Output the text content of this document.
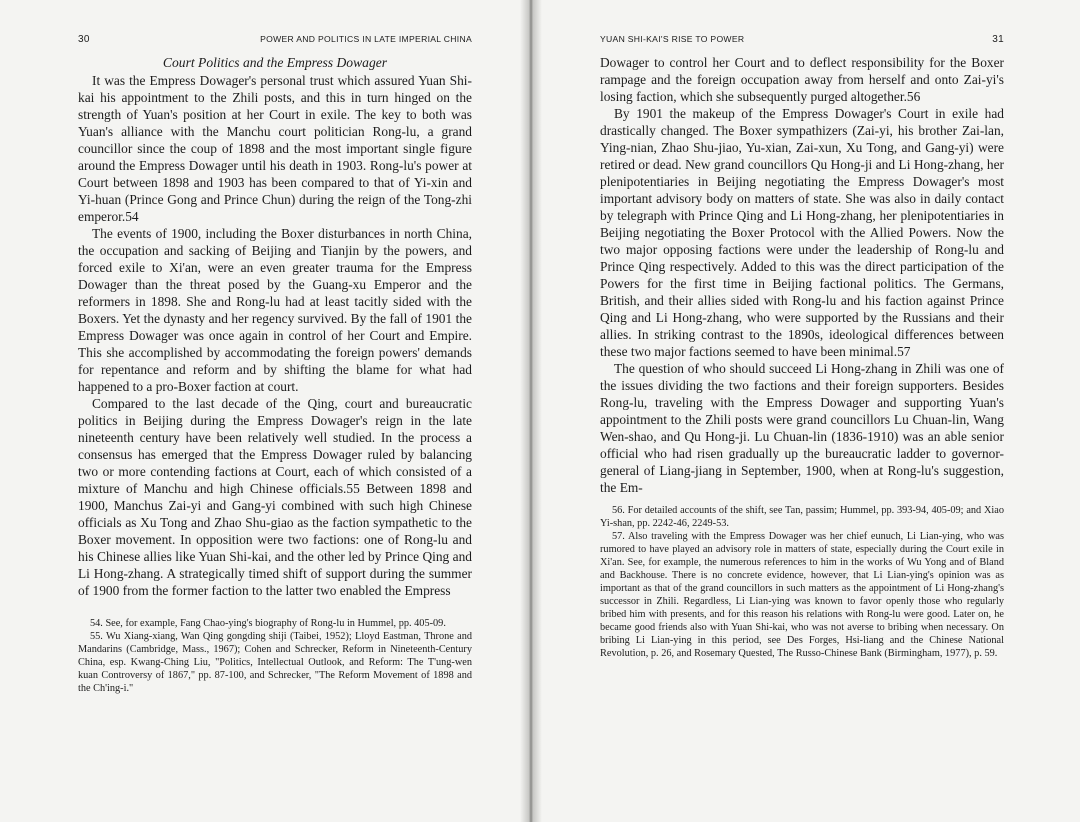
30	POWER AND POLITICS IN LATE IMPERIAL CHINA
Court Politics and the Empress Dowager

It was the Empress Dowager's personal trust which assured Yuan Shi-kai his appointment to the Zhili posts, and this in turn hinged on the strength of Yuan's position at her Court in exile. The key to both was Yuan's alliance with the Manchu court politician Rong-lu, a grand councillor since the coup of 1898 and the most important single figure around the Empress Dowager until his death in 1903. Rong-lu's power at Court between 1898 and 1903 has been compared to that of Yi-xin and Yi-huan (Prince Gong and Prince Chun) during the reign of the Tong-zhi emperor.54

The events of 1900, including the Boxer disturbances in north China, the occupation and sacking of Beijing and Tianjin by the powers, and forced exile to Xi'an, were an even greater trauma for the Empress Dowager than the threat posed by the Guang-xu Emperor and the reformers in 1898. She and Rong-lu had at least tacitly sided with the Boxers. Yet the dynasty and her regency survived. By the fall of 1901 the Empress Dowager was once again in control of her Court and Empire. This she accomplished by accommodating the foreign powers' demands for repentance and reform and by shifting the blame for what had happened to a pro-Boxer faction at court.

Compared to the last decade of the Qing, court and bureaucratic politics in Beijing during the Empress Dowager's reign in the late nineteenth century have been relatively well studied. In the process a consensus has emerged that the Empress Dowager ruled by balancing two or more contending factions at Court, each of which consisted of a mixture of Manchu and high Chinese officials.55 Between 1898 and 1900, Manchus Zai-yi and Gang-yi combined with such high Chinese officials as Xu Tong and Zhao Shu-giao as the faction sympathetic to the Boxer movement. In opposition were two factions: one of Rong-lu and his Chinese allies like Yuan Shi-kai, and the other led by Prince Qing and Li Hong-zhang. A strategically timed shift of support during the summer of 1900 from the former faction to the latter two enabled the Empress

54. See, for example, Fang Chao-ying's biography of Rong-lu in Hummel, pp. 405-09.

55. Wu Xiang-xiang, Wan Qing gongding shiji (Taibei, 1952); Lloyd Eastman, Throne and Mandarins (Cambridge, Mass., 1967); Cohen and Schrecker, Reform in Nineteenth-Century China, esp. Kwang-Ching Liu, "Politics, Intellectual Outlook, and Reform: The T'ung-wen kuan Controversy of 1867," pp. 87-100, and Schrecker, "The Reform Movement of 1898 and the Ch'ing-i."

YUAN SHI-KAI'S RISE TO POWER	31

Dowager to control her Court and to deflect responsibility for the Boxer rampage and the foreign occupation away from herself and onto Zai-yi's losing faction, which she subsequently purged altogether.56

By 1901 the makeup of the Empress Dowager's Court in exile had drastically changed. The Boxer sympathizers (Zai-yi, his brother Zai-lan, Ying-nian, Zhao Shu-jiao, Yu-xian, Zai-xun, Xu Tong, and Gang-yi) were retired or dead. New grand councillors Qu Hong-ji and Li Hong-zhang, her plenipotentiaries in Beijing negotiating the Empress Dowager's most important advisory body on matters of state. She was also in daily contact by telegraph with Prince Qing and Li Hong-zhang, her plenipotentiaries in Beijing negotiating the Boxer Protocol with the Allied Powers. Now the two major opposing factions were under the leadership of Rong-lu and Prince Qing respectively. Added to this was the direct participation of the Powers for the first time in Beijing factional politics. The Germans, British, and their allies sided with Rong-lu and his faction against Prince Qing and Li Hong-zhang, who were supported by the Russians and their allies. In striking contrast to the 1890s, ideological differences between these two major factions seemed to have been minimal.57

The question of who should succeed Li Hong-zhang in Zhili was one of the issues dividing the two factions and their foreign supporters. Besides Rong-lu, traveling with the Empress Dowager and supporting Yuan's appointment to the Zhili posts were grand councillors Lu Chuan-lin, Wang Wen-shao, and Qu Hong-ji. Lu Chuan-lin (1836-1910) was an able senior official who had risen gradually up the bureaucratic ladder to governor-general of Liang-jiang in September, 1900, when at Rong-lu's suggestion, the Em-

56. For detailed accounts of the shift, see Tan, passim; Hummel, pp. 393-94, 405-09; and Xiao Yi-shan, pp. 2242-46, 2249-53.

57. Also traveling with the Empress Dowager was her chief eunuch, Li Lian-ying, who was rumored to have played an advisory role in matters of state, especially during the Court exile in Xi'an. See, for example, the numerous references to him in the works of Wu Yong and of Bland and Backhouse. There is no concrete evidence, however, that Li Lian-ying's opinion was as important as that of the grand councillors in such matters as the appointment of Li Hong-zhang's successor in Zhili. Regardless, Li Lian-ying was known to favor openly those who regularly bribed him with presents, and for this reason his relations with Rong-lu were good. Later on, he became good friends also with Yuan Shi-kai, who was not averse to bribing when necessary. On bribing Li Lian-ying in this period, see Des Forges, Hsi-liang and the Chinese National Revolution, p. 26, and Rosemary Quested, The Russo-Chinese Bank (Birmingham, 1977), p. 59.
